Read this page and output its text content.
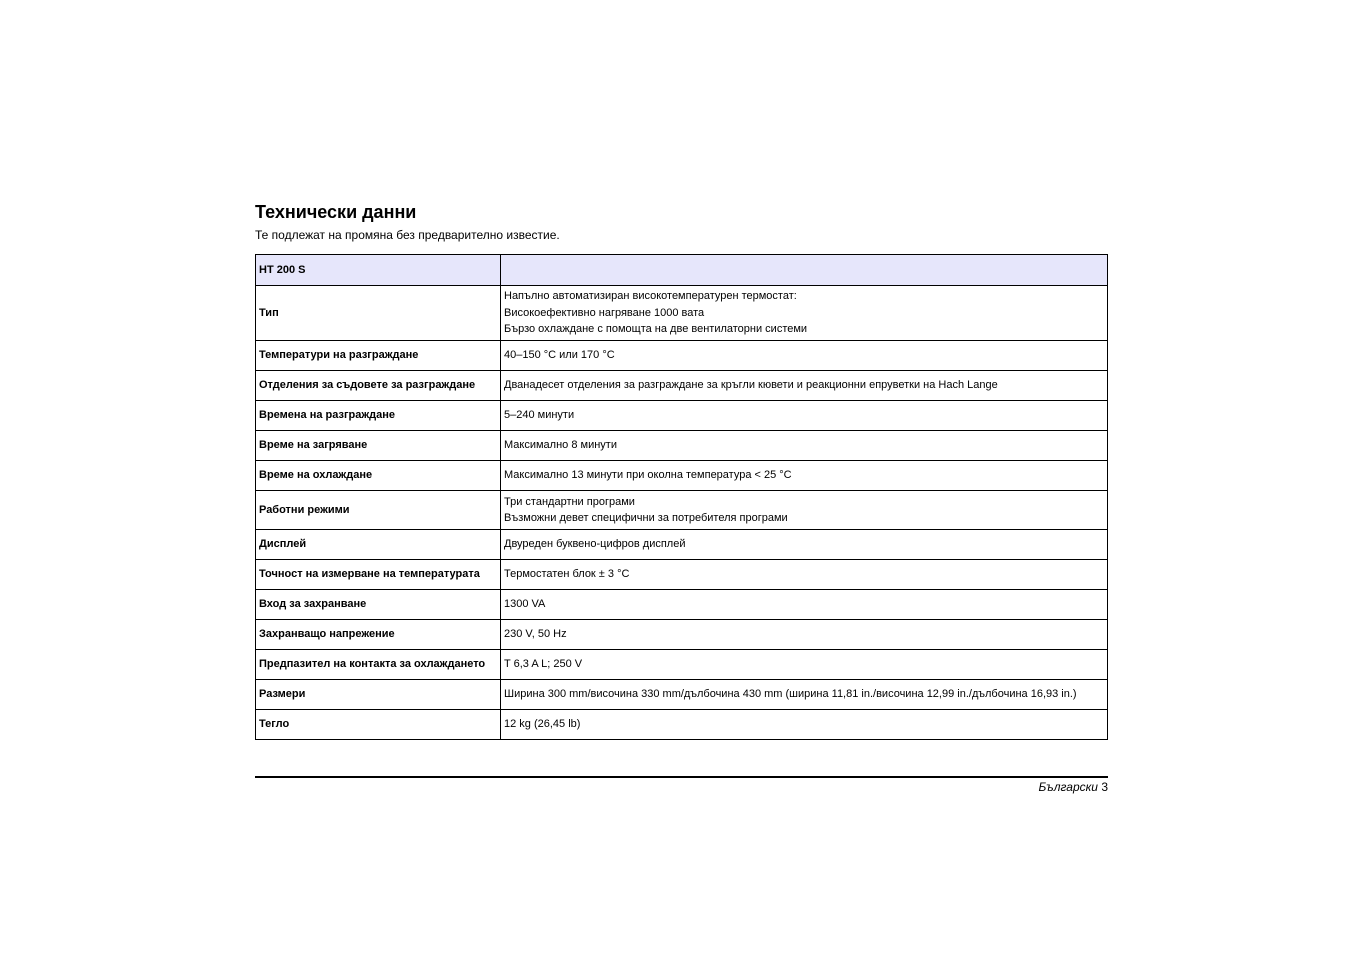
Технически данни

Те подлежат на промяна без предварително известие.

HT 200 S	
Тип	Напълно автоматизиран високотемпературен термостат:
Високоефективно нагряване 1000 вата
Бързо охлаждане с помощта на две вентилаторни системи

Температури на разграждане	40–150 °C или 170 °C
Отделения за съдовете за разграждане	Дванадесет отделения за разграждане за кръгли кювети и реакционни епруветки на Hach Lange
Времена на разграждане	5–240 минути
Време на загряване	Максимално 8 минути
Време на охлаждане	Максимално 13 минути при околна температура < 25 °C
Работни режими	Три стандартни програми
Възможни девет специфични за потребителя програми

Дисплей	Двуреден буквено-цифров дисплей
Точност на измерване на температурата	Термостатен блок ± 3 °C
Вход за захранване	1300 VA
Захранващо напрежение	230 V, 50 Hz
Предпазител на контакта за охлаждането	T 6,3 A L; 250 V
Размери	Ширина 300 mm/височина 330 mm/дълбочина 430 mm (ширина 11,81 in./височина 12,99 in./дълбочина 16,93 in.)
Тегло	12 kg (26,45 lb)
Български 3
